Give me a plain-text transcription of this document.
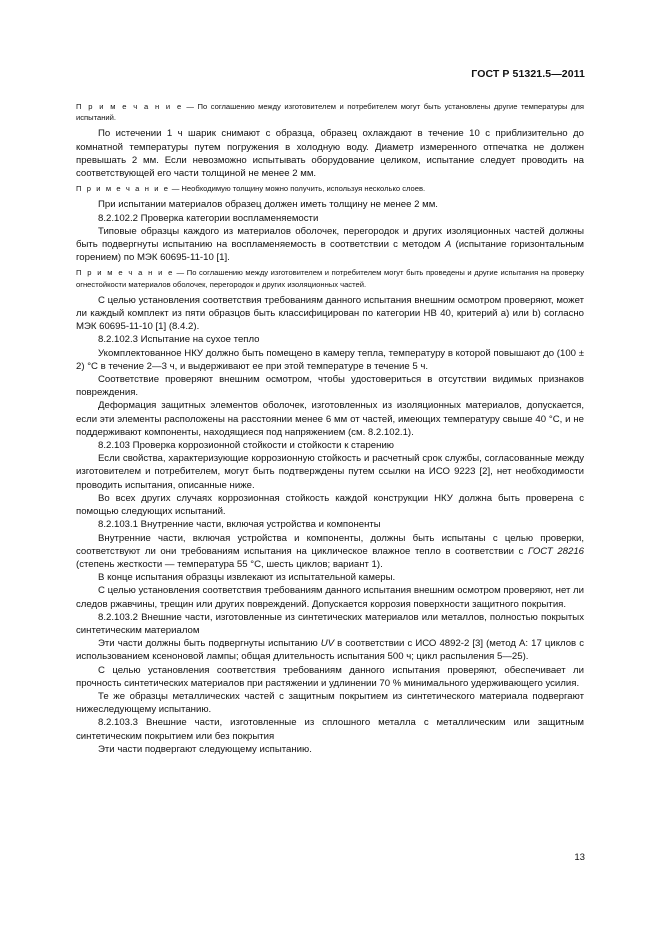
ГОСТ Р 51321.5—2011

П р и м е ч а н и е — По соглашению между изготовителем и потребителем могут быть установлены другие температуры для испытаний.

По истечении 1 ч шарик снимают с образца, образец охлаждают в течение 10 с приблизительно до комнатной температуры путем погружения в холодную воду. Диаметр измеренного отпечатка не должен превышать 2 мм. Если невозможно испытывать оборудование целиком, испытание следует проводить на соответствующей его части толщиной не менее 2 мм.

П р и м е ч а н и е — Необходимую толщину можно получить, используя несколько слоев.

При испытании материалов образец должен иметь толщину не менее 2 мм.

8.2.102.2 Проверка категории воспламеняемости

Типовые образцы каждого из материалов оболочек, перегородок и других изоляционных частей должны быть подвергнуты испытанию на воспламеняемость в соответствии с методом A (испытание горизонтальным горением) по МЭК 60695-11-10 [1].

П р и м е ч а н и е — По соглашению между изготовителем и потребителем могут быть проведены и другие испытания на проверку огнестойкости материалов оболочек, перегородок и других изоляционных частей.

С целью установления соответствия требованиям данного испытания внешним осмотром проверяют, может ли каждый комплект из пяти образцов быть классифицирован по категории НВ 40, критерий а) или b) согласно МЭК 60695-11-10 [1] (8.4.2).

8.2.102.3 Испытание на сухое тепло

Укомплектованное НКУ должно быть помещено в камеру тепла, температуру в которой повышают до (100 ± 2) °С в течение 2—3 ч, и выдерживают ее при этой температуре в течение 5 ч.

Соответствие проверяют внешним осмотром, чтобы удостовериться в отсутствии видимых признаков повреждения.

Деформация защитных элементов оболочек, изготовленных из изоляционных материалов, допускается, если эти элементы расположены на расстоянии менее 6 мм от частей, имеющих температуру свыше 40 °С, и не поддерживают компоненты, находящиеся под напряжением (см. 8.2.102.1).

8.2.103 Проверка коррозионной стойкости и стойкости к старению

Если свойства, характеризующие коррозионную стойкость и расчетный срок службы, согласованные между изготовителем и потребителем, могут быть подтверждены путем ссылки на ИСО 9223 [2], нет необходимости проводить испытания, описанные ниже.

Во всех других случаях коррозионная стойкость каждой конструкции НКУ должна быть проверена с помощью следующих испытаний.

8.2.103.1 Внутренние части, включая устройства и компоненты

Внутренние части, включая устройства и компоненты, должны быть испытаны с целью проверки, соответствуют ли они требованиям испытания на циклическое влажное тепло в соответствии с ГОСТ 28216 (степень жесткости — температура 55 °С, шесть циклов; вариант 1).

В конце испытания образцы извлекают из испытательной камеры.

С целью установления соответствия требованиям данного испытания внешним осмотром проверяют, нет ли следов ржавчины, трещин или других повреждений. Допускается коррозия поверхности защитного покрытия.

8.2.103.2 Внешние части, изготовленные из синтетических материалов или металлов, полностью покрытых синтетическим материалом

Эти части должны быть подвергнуты испытанию UV в соответствии с ИСО 4892-2 [3] (метод А: 17 циклов с использованием ксеноновой лампы; общая длительность испытания 500 ч; цикл распыления 5—25).

С целью установления соответствия требованиям данного испытания проверяют, обеспечивает ли прочность синтетических материалов при растяжении и удлинении 70 % минимального удерживающего усилия.

Те же образцы металлических частей с защитным покрытием из синтетического материала подвергают нижеследующему испытанию.

8.2.103.3 Внешние части, изготовленные из сплошного металла с металлическим или защитным синтетическим покрытием или без покрытия

Эти части подвергают следующему испытанию.

13
